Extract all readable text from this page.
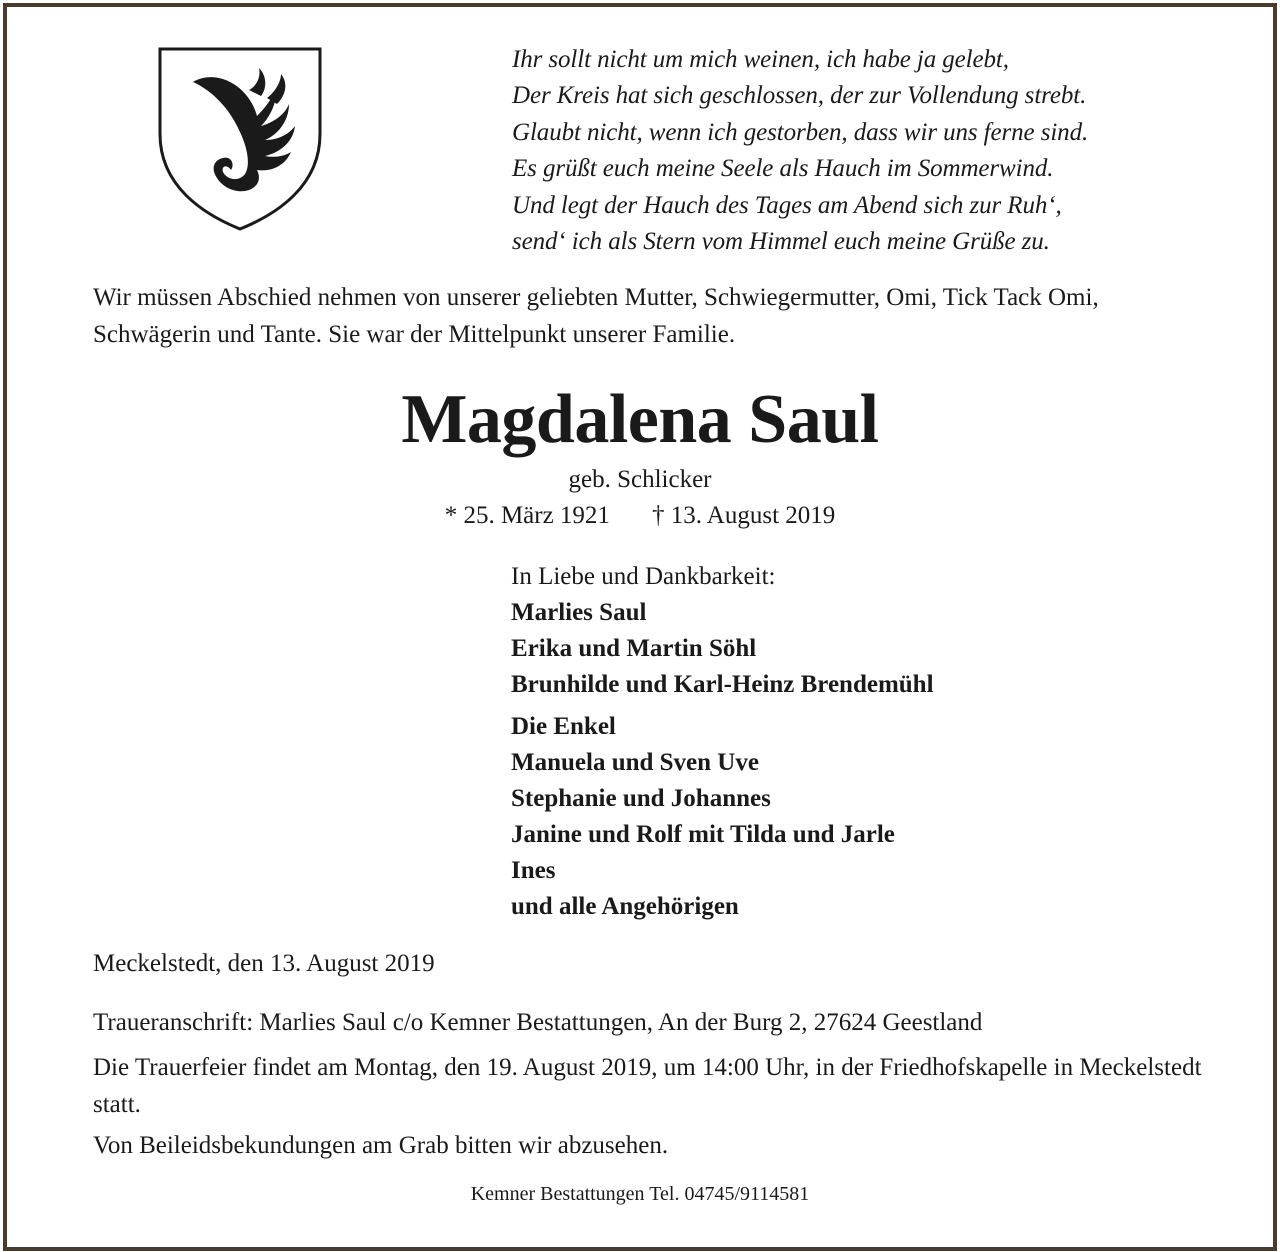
Ihr sollt nicht um mich weinen, ich habe ja gelebt,
Der Kreis hat sich geschlossen, der zur Vollendung strebt.
Glaubt nicht, wenn ich gestorben, dass wir uns ferne sind.
Es grüßt euch meine Seele als Hauch im Sommerwind.
Und legt der Hauch des Tages am Abend sich zur Ruh‘,
send‘ ich als Stern vom Himmel euch meine Grüße zu.
Wir müssen Abschied nehmen von unserer geliebten Mutter, Schwiegermutter, Omi, Tick Tack Omi, Schwägerin und Tante. Sie war der Mittelpunkt unserer Familie.
Magdalena Saul
geb. Schlicker
* 25. März 1921 † 13. August 2019
In Liebe und Dankbarkeit:
Marlies Saul
Erika und Martin Söhl
Brunhilde und Karl-Heinz Brendemühl
Die Enkel
Manuela und Sven Uve
Stephanie und Johannes
Janine und Rolf mit Tilda und Jarle
Ines
und alle Angehörigen
Meckelstedt, den 13. August 2019
Traueranschrift: Marlies Saul c/o Kemner Bestattungen, An der Burg 2, 27624 Geestland
Die Trauerfeier findet am Montag, den 19. August 2019, um 14:00 Uhr, in der Friedhofskapelle in Meckelstedt statt.
Von Beileidsbekundungen am Grab bitten wir abzusehen.
Kemner Bestattungen Tel. 04745/9114581
